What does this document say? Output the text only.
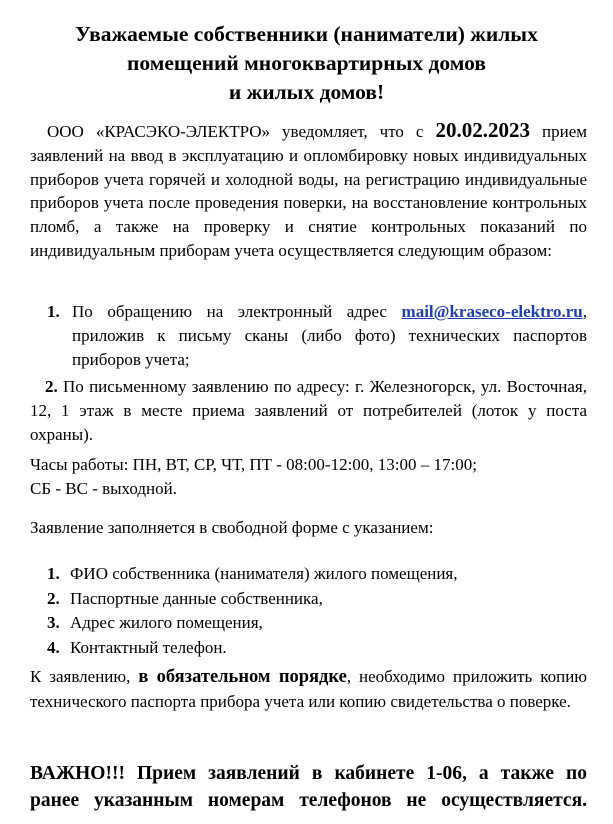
Уважаемые собственники (наниматели) жилых
помещений многоквартирных домов
и жилых домов!
ООО «КРАСЭКО-ЭЛЕКТРО» уведомляет, что с 20.02.2023 прием заявлений на ввод в эксплуатацию и опломбировку новых индивидуальных приборов учета горячей и холодной воды, на регистрацию индивидуальные приборов учета после проведения поверки, на восстановление контрольных пломб, а также на проверку и снятие контрольных показаний по индивидуальным приборам учета осуществляется следующим образом:
1. По обращению на электронный адрес mail@kraseco-elektro.ru, приложив к письму сканы (либо фото) технических паспортов приборов учета;
2. По письменному заявлению по адресу: г. Железногорск, ул. Восточная, 12, 1 этаж в месте приема заявлений от потребителей (лоток у поста охраны).
Часы работы: ПН, ВТ, СР, ЧТ, ПТ - 08:00-12:00, 13:00 – 17:00;
СБ - ВС - выходной.
Заявление заполняется в свободной форме с указанием:
1. ФИО собственника (нанимателя) жилого помещения,
2. Паспортные данные собственника,
3. Адрес жилого помещения,
4. Контактный телефон.
К заявлению, в обязательном порядке, необходимо приложить копию технического паспорта прибора учета или копию свидетельства о поверке.
ВАЖНО!!! Прием заявлений в кабинете 1-06, а также по
ранее указанным номерам телефонов не осуществляется.
